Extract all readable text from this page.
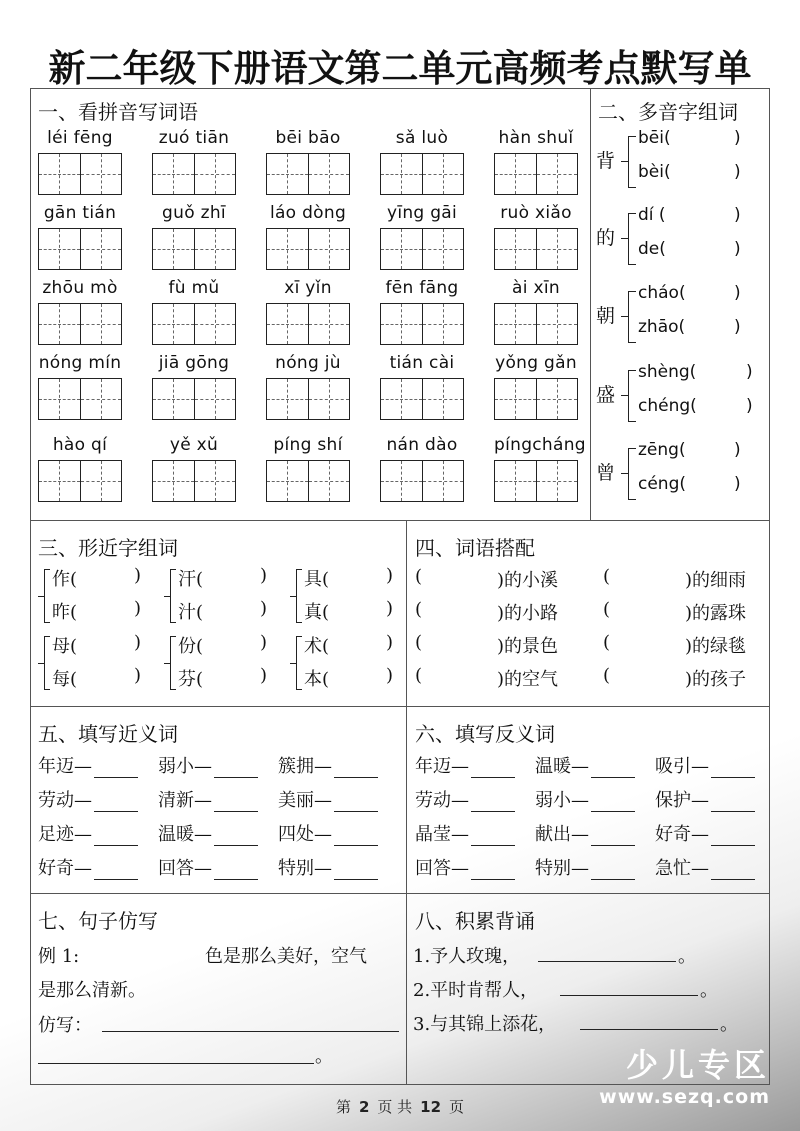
新二年级下册语文第二单元高频考点默写单
一、看拼音写词语
léi fēng	zuó tiān	bēi bāo	sǎ luò	hàn shuǐ
gān tián	guǒ zhī	láo dòng	yīng gāi	ruò xiǎo
zhōu mò	fù mǔ	xī yǐn	fēn fāng	ài xīn
nóng mín	jiā gōng	nóng jù	tián cài	yǒng gǎn
hào qí	yě xǔ	píng shí	nán dào	píngcháng
二、多音字组词
背
bēi(	)
bèi(	)
的
dí (	)
de(	)
朝
cháo(	)
zhāo(	)
盛
shèng(	)
chéng(	)
曾
zēng(	)
céng(	)
三、形近字组词
作(	)
昨(	)
汗(	)
汁(	)
具(	)
真(	)
母(	)
每(	)
份(	)
芬(	)
术(	)
本(	)
四、词语搭配
(	)的小溪 (	)的细雨
(	)的小路 (	)的露珠
(	)的景色 (	)的绿毯
(	)的空气 (	)的孩子
五、填写近义词
年迈—	弱小—	簇拥—
劳动—	清新—	美丽—
足迹—	温暖—	四处—
好奇—	回答—	特别—
六、填写反义词
年迈—	温暖—	吸引—
劳动—	弱小—	保护—
晶莹—	献出—	好奇—
回答—	特别—	急忙—
七、句子仿写
例 1:	色是那么美好，空气
是那么清新。
仿写：
。
八、积累背诵
1.予人玫瑰，	。
2.平时肯帮人，	。
3.与其锦上添花，	。
第 2 页 共 12 页
少儿专区
www.sezq.com
